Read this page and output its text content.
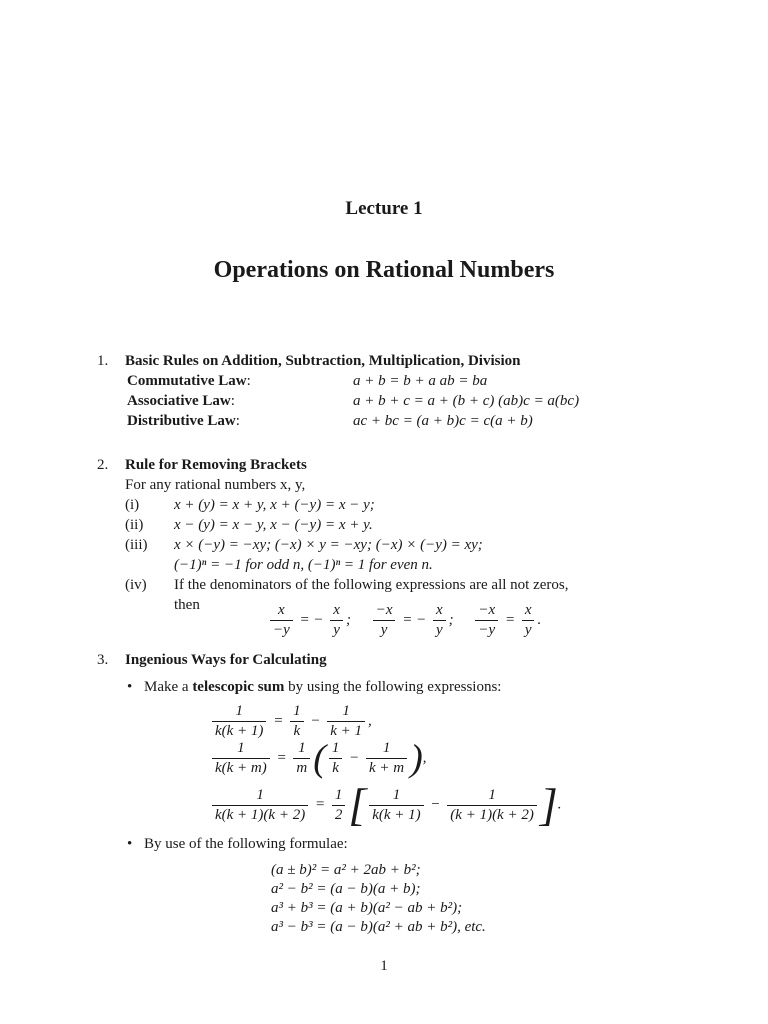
Lecture 1
Operations on Rational Numbers
1.	Basic Rules on Addition, Subtraction, Multiplication, Division
Commutative Law:	a + b = b + a ab = ba
Associative Law:	a + b + c = a + (b + c) (ab)c = a(bc)
Distributive Law:	ac + bc = (a + b)c = c(a + b)
2.	Rule for Removing Brackets
For any rational numbers x, y,
(i) x + (y) = x + y, x + (−y) = x − y;
(ii) x − (y) = x − y, x − (−y) = x + y.
(iii) x × (−y) = −xy; (−x) × y = −xy; (−x) × (−y) = xy;
(−1)ⁿ = −1 for odd n, (−1)ⁿ = 1 for even n.
(iv) If the denominators of the following expressions are all not zeros,
then	$\frac{x}{-y}$ = − $\frac{x}{y}$ ; $\frac{-x}{y}$ = − $\frac{x}{y}$ ; $\frac{-x}{-y} = \frac{x}{y}$ .
3.	Ingenious Ways for Calculating
• Make a telescopic sum by using the following expressions:
$\frac{1}{k(k + 1)} = \frac{1}{k} - \frac{1}{k + 1}$ ,
$\frac{1}{k(k + m)} = \frac{1}{m}$ ( $\frac{1}{k} - \frac{1}{k + m}$ ),
$\frac{1}{k(k + 1)(k + 2)} = \frac{1}{2}$ [ $\frac{1}{k(k + 1)} - \frac{1}{(k + 1)(k + 2)}$ ].
• By use of the following formulae:
(a ± b)² = a² + 2ab + b²;
a² − b² = (a − b)(a + b);
a³ + b³ = (a + b)(a² − ab + b²);
a³ − b³ = (a − b)(a² + ab + b²), etc.
1
